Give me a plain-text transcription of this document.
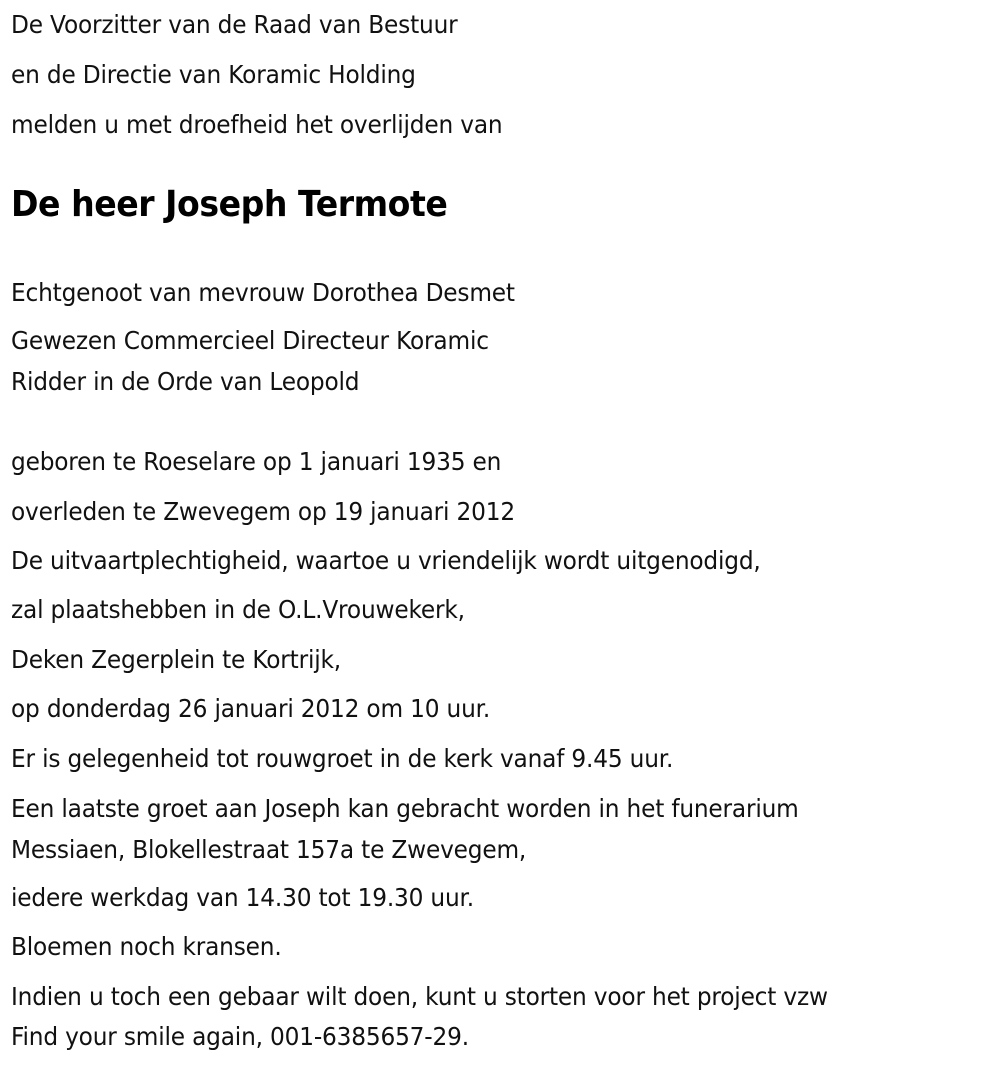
De Voorzitter van de Raad van Bestuur
en de Directie van Koramic Holding
melden u met droefheid het overlijden van
De heer Joseph Termote
Echtgenoot van mevrouw Dorothea Desmet
Gewezen Commercieel Directeur Koramic
Ridder in de Orde van Leopold
geboren te Roeselare op 1 januari 1935 en
overleden te Zwevegem op 19 januari 2012
De uitvaartplechtigheid, waartoe u vriendelijk wordt uitgenodigd,
zal plaatshebben in de O.L.Vrouwekerk,
Deken Zegerplein te Kortrijk,
op donderdag 26 januari 2012 om 10 uur.
Er is gelegenheid tot rouwgroet in de kerk vanaf 9.45 uur.
Een laatste groet aan Joseph kan gebracht worden in het funerarium
Messiaen, Blokellestraat 157a te Zwevegem,
iedere werkdag van 14.30 tot 19.30 uur.
Bloemen noch kransen.
Indien u toch een gebaar wilt doen, kunt u storten voor het project vzw
Find your smile again, 001-6385657-29.
